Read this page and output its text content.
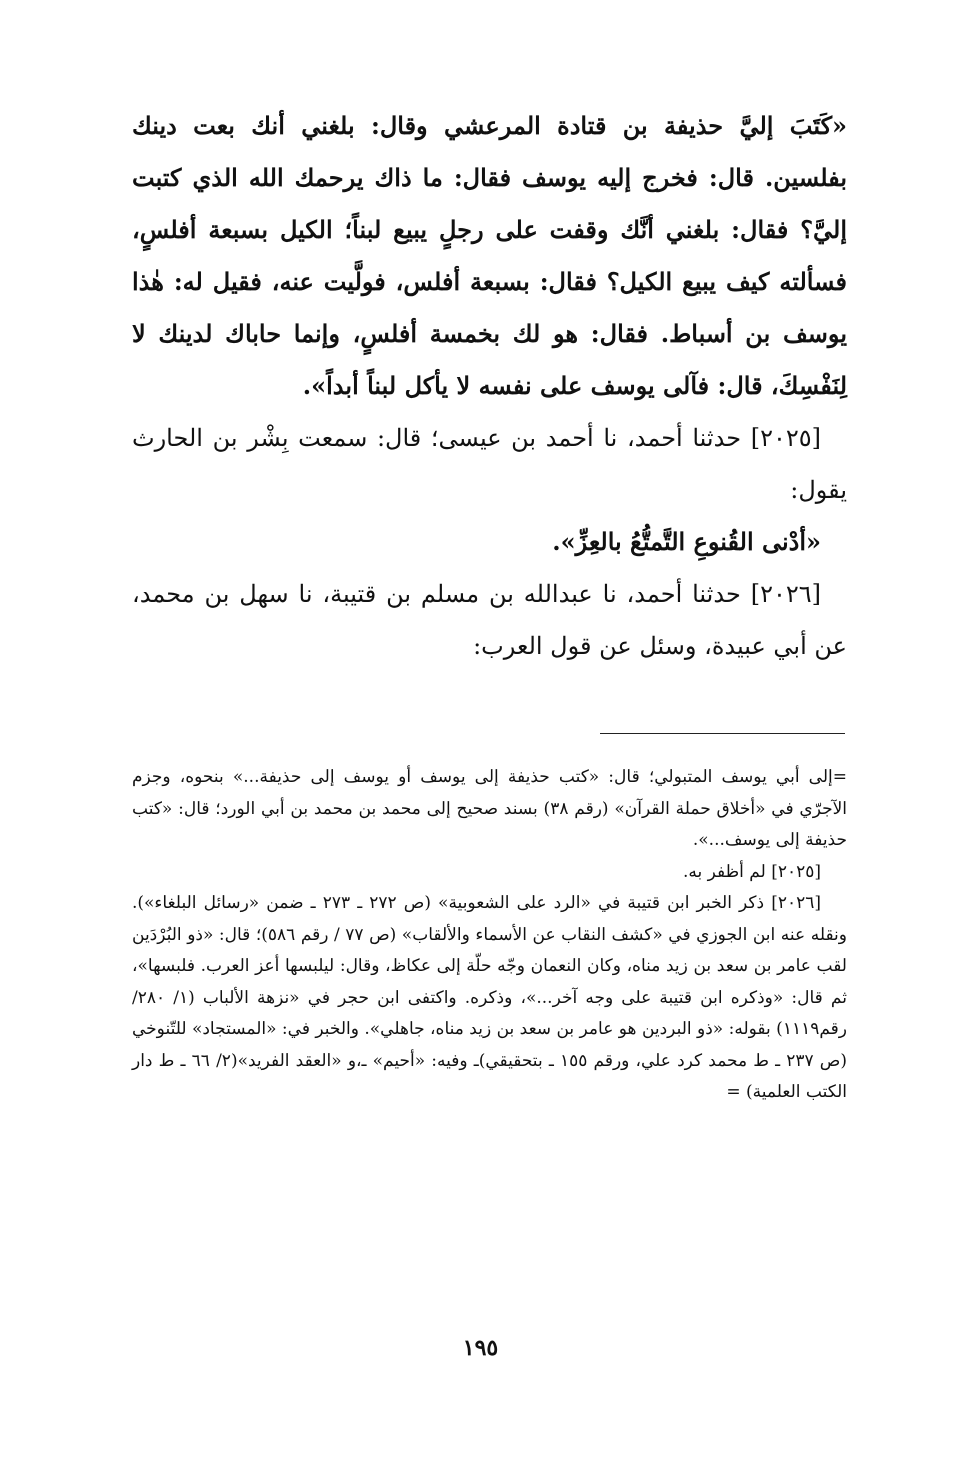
«كَتَبَ إليَّ حذيفة بن قتادة المرعشي وقال: بلغني أنك بعت دينك بفلسين. قال: فخرج إليه يوسف فقال: ما ذاك يرحمك الله الذي كتبت إليَّ؟ فقال: بلغني أنَّك وقفت على رجلٍ يبيع لبناً؛ الكيل بسبعة أفلسٍ، فسألته كيف يبيع الكيل؟ فقال: بسبعة أفلس، فولَّيت عنه، فقيل له: هٰذا يوسف بن أسباط. فقال: هو لك بخمسة أفلسٍ، وإنما حاباك لدينك لا لِنَفْسِكَ، قال: فآلى يوسف على نفسه لا يأكل لبناً أبداً».

[٢٠٢٥] حدثنا أحمد، نا أحمد بن عيسى؛ قال: سمعت بِشْر بن الحارث يقول:

«أدْنى القُنوعِ التَّمتُّعُ بالعِزِّ».

[٢٠٢٦] حدثنا أحمد، نا عبدالله بن مسلم بن قتيبة، نا سهل بن محمد، عن أبي عبيدة، وسئل عن قول العرب:

=إلى أبي يوسف المتبولي؛ قال: «كتب حذيفة إلى يوسف أو يوسف إلى حذيفة...» بنحوه، وجزم الآجرّي في «أخلاق حملة القرآن» (رقم ٣٨) بسند صحيح إلى محمد بن محمد بن أبي الورد؛ قال: «كتب حذيفة إلى يوسف...».

[٢٠٢٥] لم أظفر به.

[٢٠٢٦] ذكر الخبر ابن قتيبة في «الرد على الشعوبية» (ص ٢٧٢ ـ ٢٧٣ ـ ضمن «رسائل البلغاء»). ونقله عنه ابن الجوزي في «كشف النقاب عن الأسماء والألقاب» (ص ٧٧ / رقم ٥٨٦)؛ قال: «ذو البُرْدَين لقب عامر بن سعد بن زيد مناه، وكان النعمان وجّه حلّة إلى عكاظ، وقال: ليلبسها أعز العرب. فلبسها»، ثم قال: «وذكره ابن قتيبة على وجه آخر...»، وذكره. واكتفى ابن حجر في «نزهة الألباب (١/ ٢٨٠/رقم١١١٩) بقوله: «ذو البردين هو عامر بن سعد بن زيد مناه، جاهلي». والخبر في: «المستجاد» للتّنوخي (ص ٢٣٧ ـ ط محمد كرد علي، ورقم ١٥٥ ـ بتحقيقي)ـ وفيه: «أحيم» ـ،و «العقد الفريد»(٢/ ٦٦ ـ ط دار الكتب العلمية) =

١٩٥
